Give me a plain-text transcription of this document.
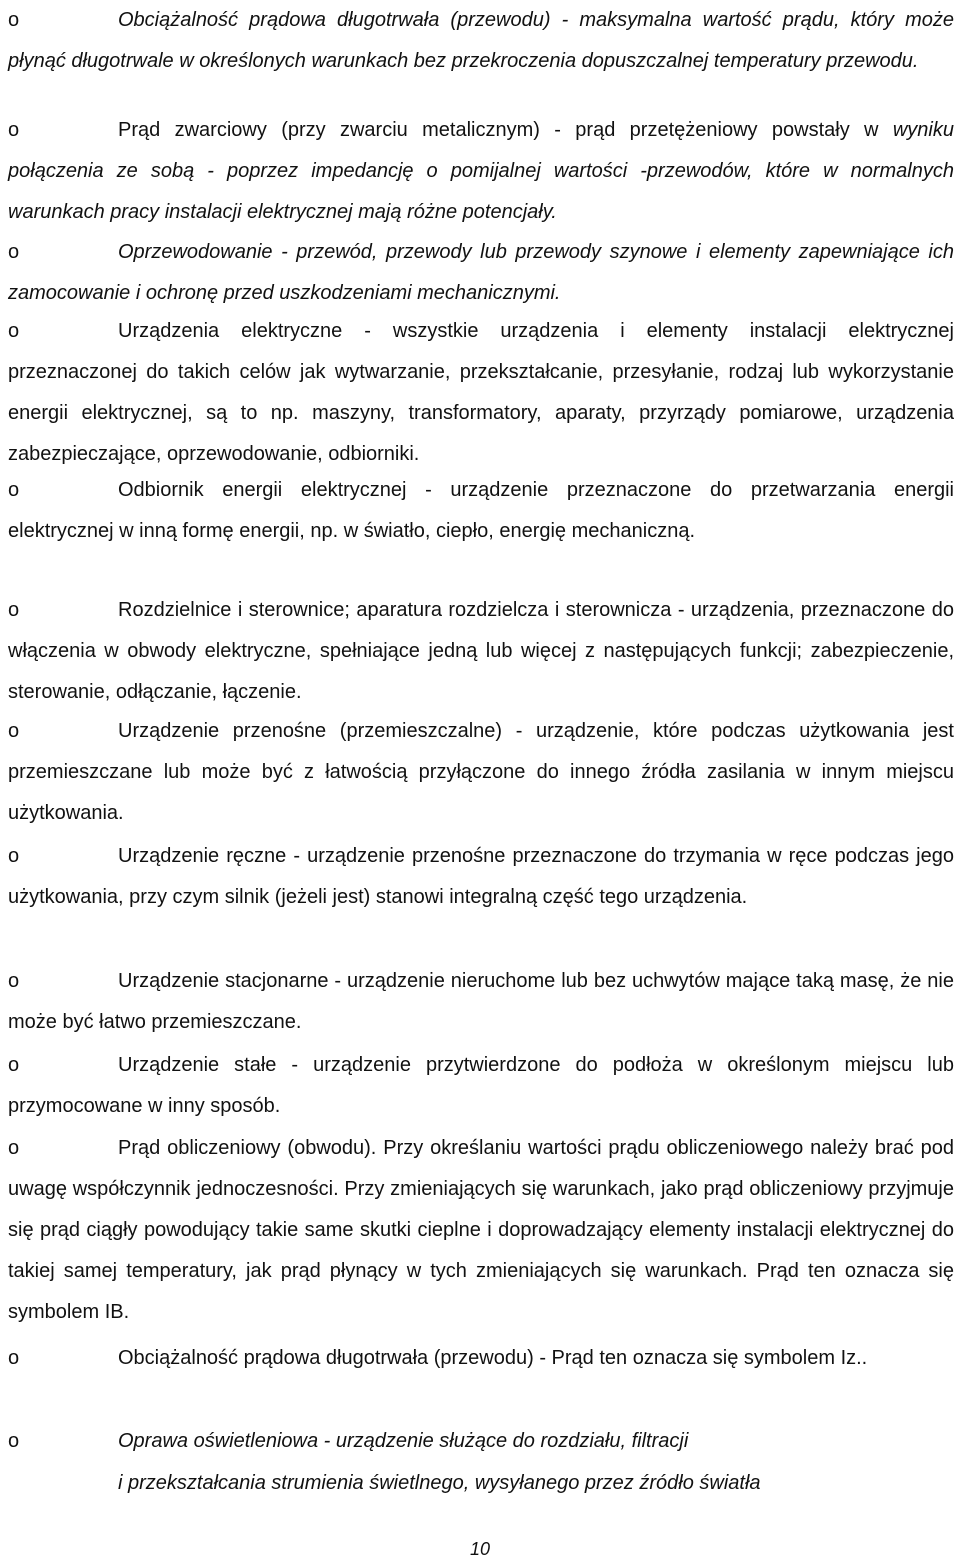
o	Obciążalność prądowa długotrwała (przewodu) - maksymalna wartość prądu, który może płynąć długotrwale w określonych warunkach bez przekroczenia dopuszczalnej temperatury przewodu.

o	Prąd zwarciowy (przy zwarciu metalicznym) - prąd przetężeniowy powstały w wyniku połączenia ze sobą - poprzez impedancję o pomijalnej wartości -przewodów, które w normalnych warunkach pracy instalacji elektrycznej mają różne potencjały.

o	Oprzewodowanie - przewód, przewody lub przewody szynowe i elementy zapewniające ich zamocowanie i ochronę przed uszkodzeniami mechanicznymi.

o	Urządzenia elektryczne - wszystkie urządzenia i elementy instalacji elektrycznej przeznaczonej do takich celów jak wytwarzanie, przekształcanie, przesyłanie, rodzaj lub wykorzystanie energii elektrycznej, są to np. maszyny, transformatory, aparaty, przyrządy pomiarowe, urządzenia zabezpieczające, oprzewodowanie, odbiorniki.

o	Odbiornik energii elektrycznej - urządzenie przeznaczone do przetwarzania energii elektrycznej w inną formę energii, np. w światło, ciepło, energię mechaniczną.

o	Rozdzielnice i sterownice; aparatura rozdzielcza i sterownicza - urządzenia, przeznaczone do włączenia w obwody elektryczne, spełniające jedną lub więcej z następujących funkcji; zabezpieczenie, sterowanie, odłączanie, łączenie.

o	Urządzenie przenośne (przemieszczalne) - urządzenie, które podczas użytkowania jest przemieszczane lub może być z łatwością przyłączone do innego źródła zasilania w innym miejscu użytkowania.

o	Urządzenie ręczne - urządzenie przenośne przeznaczone do trzymania w ręce podczas jego użytkowania, przy czym silnik (jeżeli jest) stanowi integralną część tego urządzenia.

o	Urządzenie stacjonarne - urządzenie nieruchome lub bez uchwytów mające taką masę, że nie może być łatwo przemieszczane.

o	Urządzenie stałe - urządzenie przytwierdzone do podłoża w określonym miejscu lub przymocowane w inny sposób.

o	Prąd obliczeniowy (obwodu). Przy określaniu wartości prądu obliczeniowego należy brać pod uwagę współczynnik jednoczesności. Przy zmieniających się warunkach, jako prąd obliczeniowy przyjmuje się prąd ciągły powodujący takie same skutki cieplne i doprowadzający elementy instalacji elektrycznej do takiej samej temperatury, jak prąd płynący w tych zmieniających się warunkach. Prąd ten oznacza się symbolem IB.

o	Obciążalność prądowa długotrwała (przewodu) - Prąd ten oznacza się symbolem Iz..

o	Oprawa oświetleniowa - urządzenie służące do rozdziału, filtracji

i przekształcania strumienia świetlnego, wysyłanego przez źródło światła

10
